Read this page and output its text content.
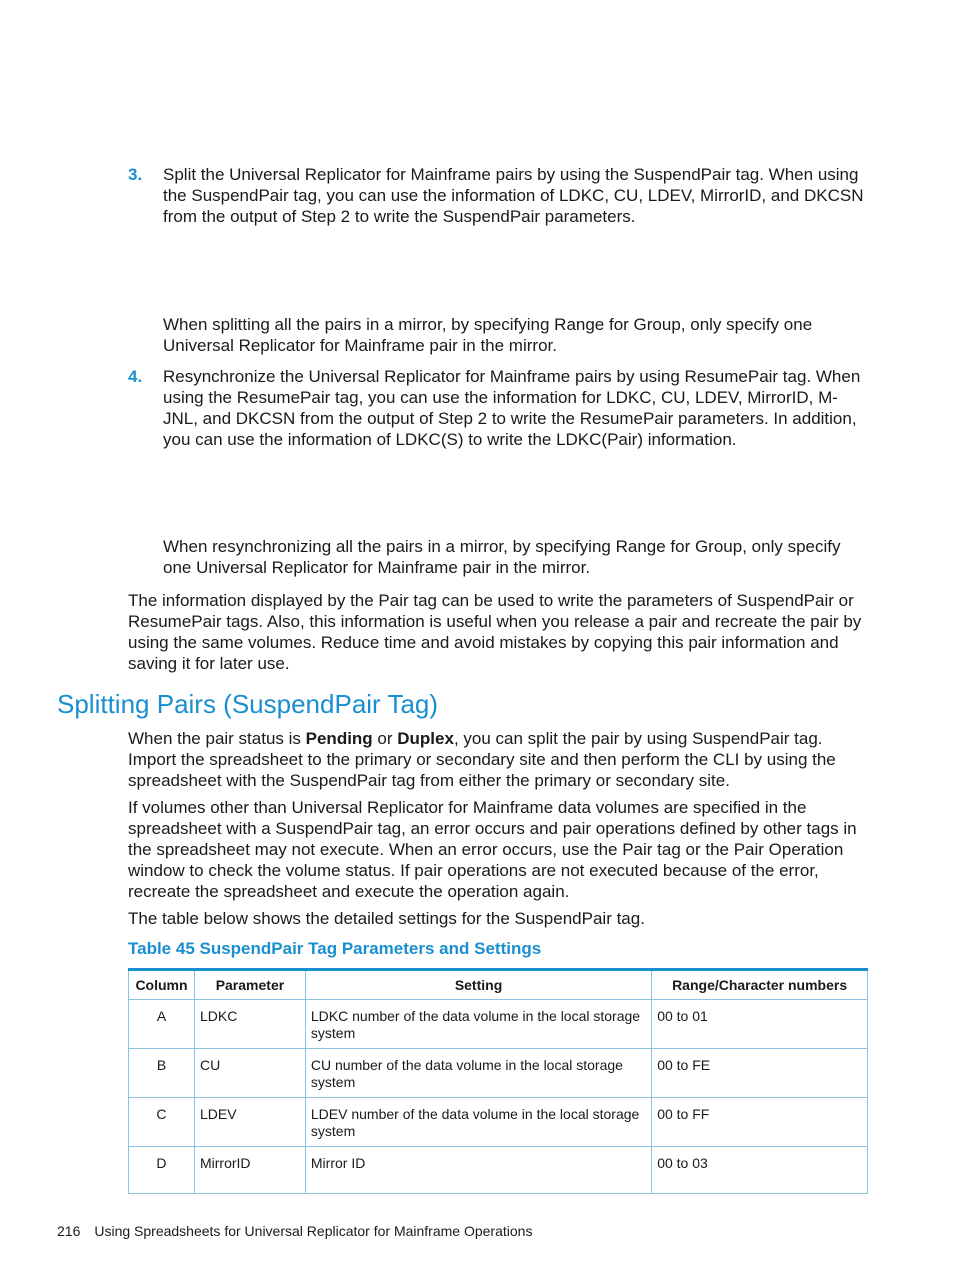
3. Split the Universal Replicator for Mainframe pairs by using the SuspendPair tag. When using the SuspendPair tag, you can use the information of LDKC, CU, LDEV, MirrorID, and DKCSN from the output of Step 2 to write the SuspendPair parameters.

When splitting all the pairs in a mirror, by specifying Range for Group, only specify one Universal Replicator for Mainframe pair in the mirror.

4. Resynchronize the Universal Replicator for Mainframe pairs by using ResumePair tag. When using the ResumePair tag, you can use the information for LDKC, CU, LDEV, MirrorID, M-JNL, and DKCSN from the output of Step 2 to write the ResumePair parameters. In addition, you can use the information of LDKC(S) to write the LDKC(Pair) information.

When resynchronizing all the pairs in a mirror, by specifying Range for Group, only specify one Universal Replicator for Mainframe pair in the mirror.

The information displayed by the Pair tag can be used to write the parameters of SuspendPair or ResumePair tags. Also, this information is useful when you release a pair and recreate the pair by using the same volumes. Reduce time and avoid mistakes by copying this pair information and saving it for later use.

Splitting Pairs (SuspendPair Tag)

When the pair status is Pending or Duplex, you can split the pair by using SuspendPair tag. Import the spreadsheet to the primary or secondary site and then perform the CLI by using the spreadsheet with the SuspendPair tag from either the primary or secondary site.

If volumes other than Universal Replicator for Mainframe data volumes are specified in the spreadsheet with a SuspendPair tag, an error occurs and pair operations defined by other tags in the spreadsheet may not execute. When an error occurs, use the Pair tag or the Pair Operation window to check the volume status. If pair operations are not executed because of the error, recreate the spreadsheet and execute the operation again.

The table below shows the detailed settings for the SuspendPair tag.

Table 45 SuspendPair Tag Parameters and Settings
Column	Parameter	Setting	Range/Character numbers
A	LDKC	LDKC number of the data volume in the local storage system	00 to 01
B	CU	CU number of the data volume in the local storage system	00 to FE
C	LDEV	LDEV number of the data volume in the local storage system	00 to FF
D	MirrorID	Mirror ID	00 to 03
216 Using Spreadsheets for Universal Replicator for Mainframe Operations
